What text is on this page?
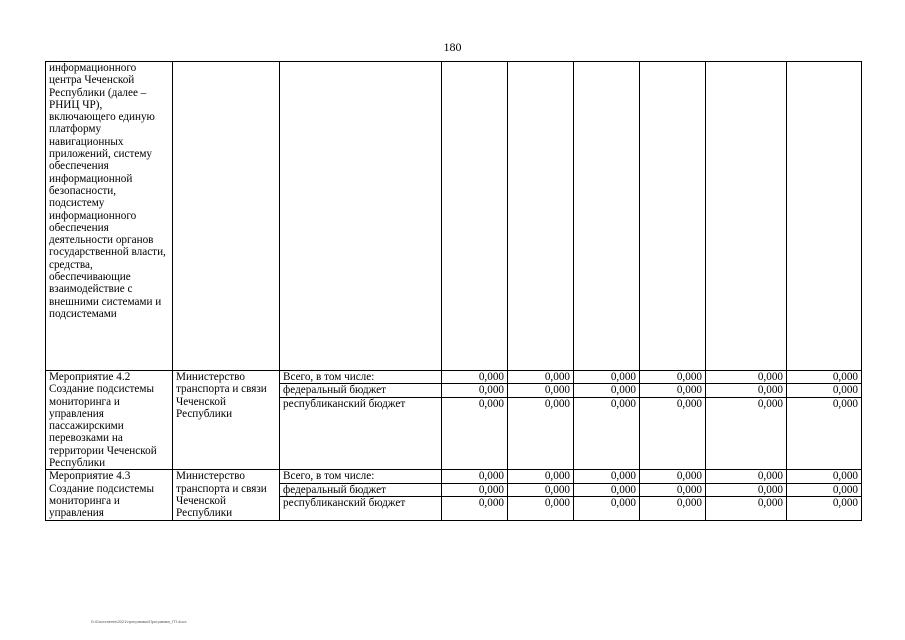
180
информационного центра Чеченской Республики (далее – РНИЦ ЧР), включающего единую платформу навигационных приложений, систему обеспечения информационной безопасности, подсистему информационного обеспечения деятельности органов государственной власти, средства, обеспечивающие взаимодействие с внешними системами и подсистемами								
Мероприятие 4.2 Создание подсистемы мониторинга и управления пассажирскими перевозками на территории Чеченской Республики	Министерство транспорта и связи Чеченской Республики	Всего, в том числе:	0,000	0,000	0,000	0,000	0,000	0,000
		федеральный бюджет	0,000	0,000	0,000	0,000	0,000	0,000
		республиканский бюджет	0,000	0,000	0,000	0,000	0,000	0,000
Мероприятие 4.3 Создание подсистемы мониторинга и управления	Министерство транспорта и связи Чеченской Республики	Всего, в том числе:	0,000	0,000	0,000	0,000	0,000	0,000
		федеральный бюджет	0,000	0,000	0,000	0,000	0,000	0,000
		республиканский бюджет	0,000	0,000	0,000	0,000	0,000	0,000
D:\Documents\2021\программа\Программа_ГП.docx
